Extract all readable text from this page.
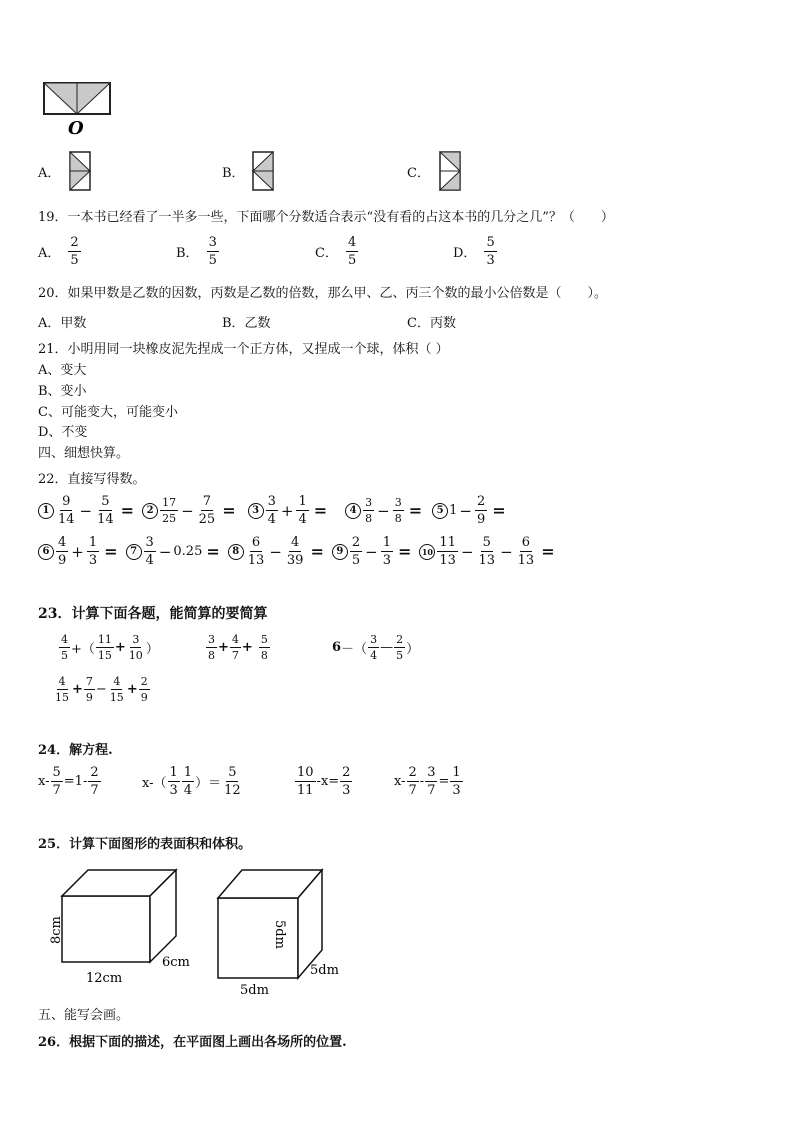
O
A．	B．	C．
19．一本书已经看了一半多一些，下面哪个分数适合表示“没有看的占这本书的几分之几”？（　　）
A． $\frac{2}{5}$	B． $\frac{3}{5}$	C． $\frac{4}{5}$	D． $\frac{5}{3}$
20．如果甲数是乙数的因数，丙数是乙数的倍数，那么甲、乙、丙三个数的最小公倍数是（　　）。
A．甲数	B．乙数	C．丙数
21．小明用同一块橡皮泥先捏成一个正方体，又捏成一个球，体积（ ）
A、变大
B、变小
C、可能变大，可能变小
D、不变
四、细想快算。
22．直接写得数。
$1 \frac{9}{14} - \frac{5}{14}$ =	$2 \frac{17}{25} - \frac{7}{25}$ =	$3 \frac{3}{4} + \frac{1}{4}$ =	$4 \frac{3}{8} - \frac{3}{8}$ =	5 $1 - \frac{2}{9}$ =
$6 \frac{4}{9} + \frac{1}{3}$ =	$7 \frac{3}{4} - 0.25$ =	$8 \frac{6}{13} - \frac{4}{39}$ =	$9 \frac{2}{5} - \frac{1}{3}$ =	$10 \frac{11}{13} - \frac{5}{13} - \frac{6}{13}$ =
23．计算下面各题，能简算的要简算
$\frac{4}{5}$ +（ $\frac{11}{15} + \frac{3}{10}$ ）	$\frac{3}{8} + \frac{4}{7} + \frac{5}{8}$	6 －（ $\frac{3}{4}$ — $\frac{2}{5}$ ）
$\frac{4}{15} + \frac{7}{9} - \frac{4}{15} + \frac{2}{9}$
24．解方程.
$x- \frac{5}{7} =1- \frac{2}{7}$	$x-( \frac{1}{3} \frac{1}{4}$ ）＝ $\frac{5}{12}$	$\frac{10}{11} -x= \frac{2}{3}$	$x- \frac{2}{7} - \frac{3}{7} = \frac{1}{3}$
25．计算下面图形的表面积和体积。
8cm
12cm
6cm
5dm
5dm
5dm
五、能写会画。
26．根据下面的描述，在平面图上画出各场所的位置.
